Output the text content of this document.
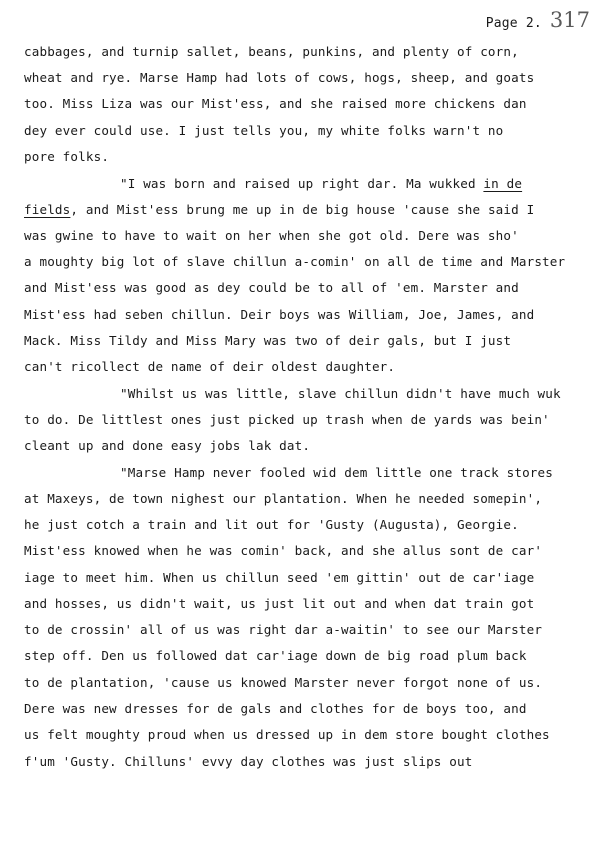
Page 2. 317
cabbages, and turnip sallet, beans, punkins, and plenty of corn,
wheat and rye. Marse Hamp had lots of cows, hogs, sheep, and goats
too. Miss Liza was our Mist'ess, and she raised more chickens dan
dey ever could use. I just tells you, my white folks warn't no
pore folks.
"I was born and raised up right dar. Ma wukked in de
fields, and Mist'ess brung me up in de big house 'cause she said I
was gwine to have to wait on her when she got old. Dere was sho'
a moughty big lot of slave chillun a-comin' on all de time and Marster
and Mist'ess was good as dey could be to all of 'em. Marster and
Mist'ess had seben chillun. Deir boys was William, Joe, James, and
Mack. Miss Tildy and Miss Mary was two of deir gals, but I just
can't ricollect de name of deir oldest daughter.
"Whilst us was little, slave chillun didn't have much wuk
to do. De littlest ones just picked up trash when de yards was bein'
cleant up and done easy jobs lak dat.
"Marse Hamp never fooled wid dem little one track stores
at Maxeys, de town nighest our plantation. When he needed somepin',
he just cotch a train and lit out for 'Gusty (Augusta), Georgie.
Mist'ess knowed when he was comin' back, and she allus sont de car'
iage to meet him. When us chillun seed 'em gittin' out de car'iage
and hosses, us didn't wait, us just lit out and when dat train got
to de crossin' all of us was right dar a-waitin' to see our Marster
step off. Den us followed dat car'iage down de big road plum back
to de plantation, 'cause us knowed Marster never forgot none of us.
Dere was new dresses for de gals and clothes for de boys too, and
us felt moughty proud when us dressed up in dem store bought clothes
f'um 'Gusty. Chilluns' evvy day clothes was just slips out
